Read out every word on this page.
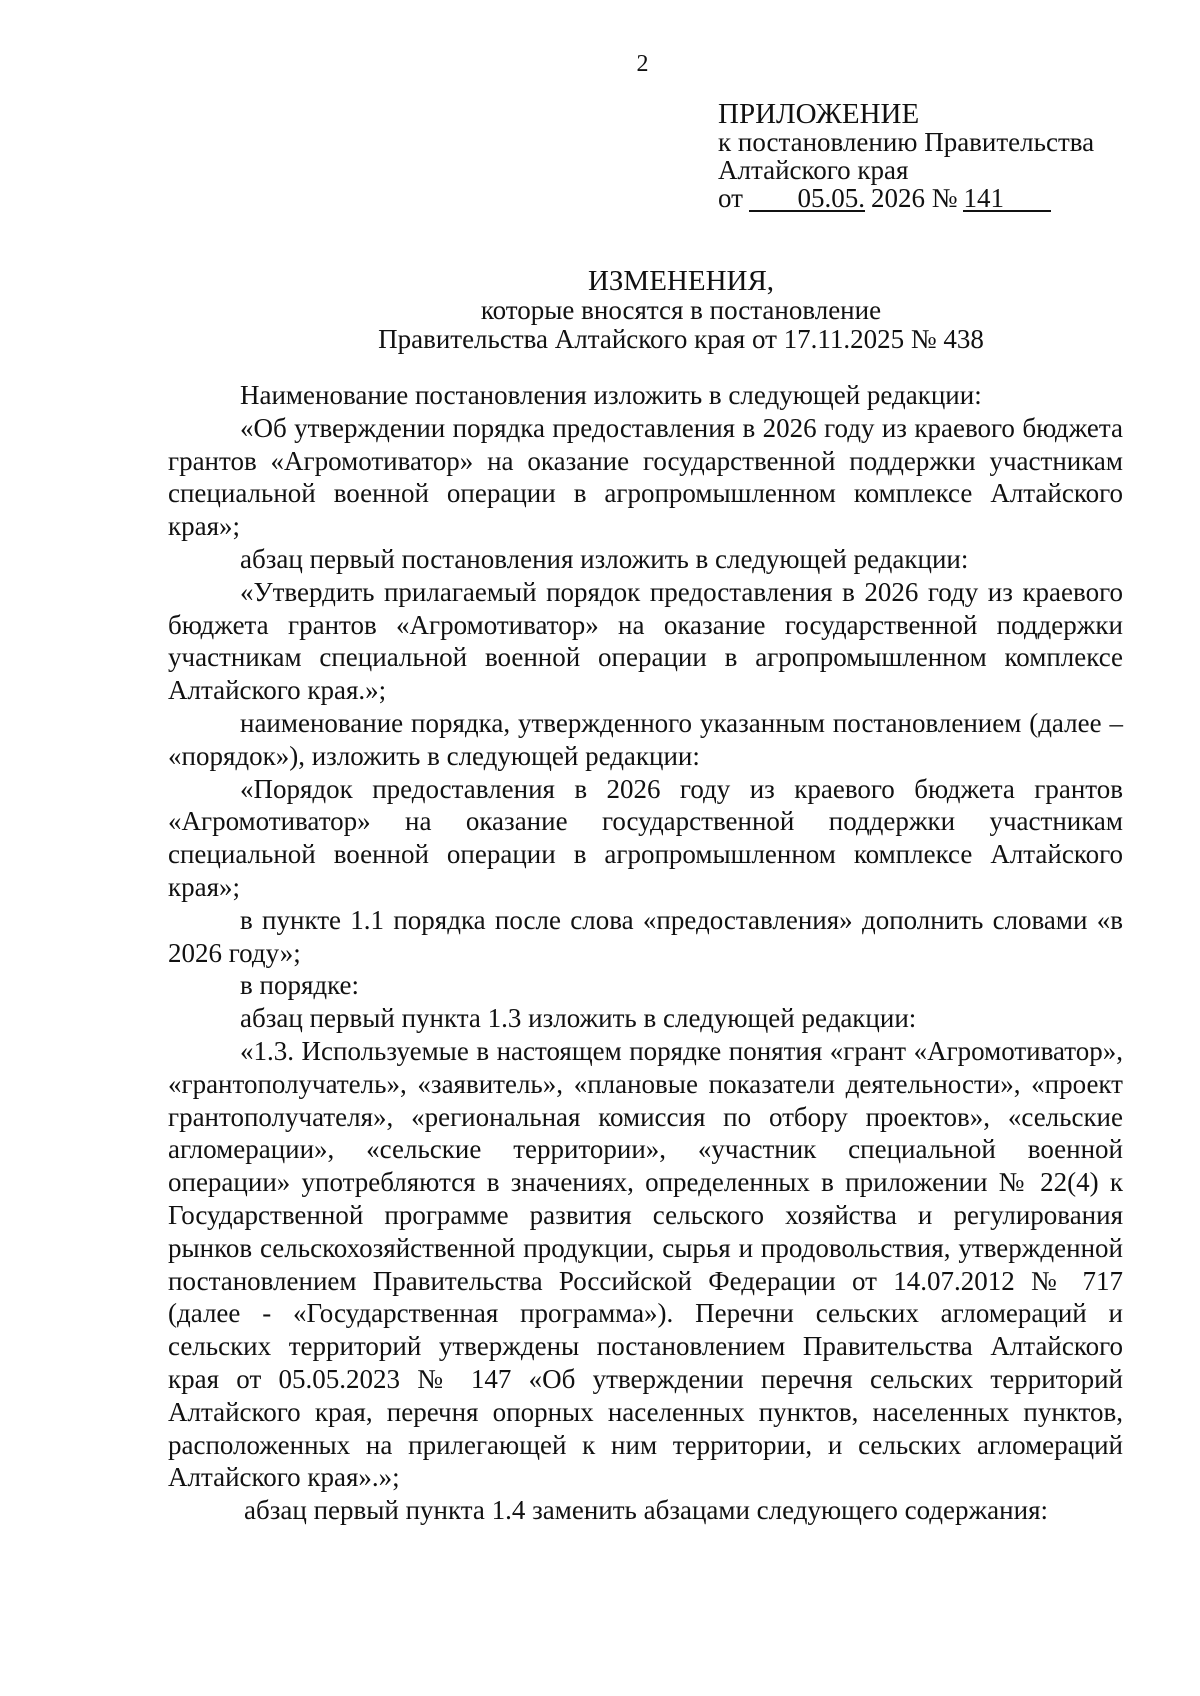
2
ПРИЛОЖЕНИЕ
к постановлению Правительства
Алтайского края
от 05.05. 2026 № 141
ИЗМЕНЕНИЯ,
которые вносятся в постановление
Правительства Алтайского края от 17.11.2025 № 438

Наименование постановления изложить в следующей редакции:

«Об утверждении порядка предоставления в 2026 году из краевого бюджета грантов «Агромотиватор» на оказание государственной поддержки участникам специальной военной операции в агропромышленном комплексе Алтайского края»;

абзац первый постановления изложить в следующей редакции:

«Утвердить прилагаемый порядок предоставления в 2026 году из краевого бюджета грантов «Агромотиватор» на оказание государственной поддержки участникам специальной военной операции в агропромышленном комплексе Алтайского края.»;

наименование порядка, утвержденного указанным постановлением (далее – «порядок»), изложить в следующей редакции:

«Порядок предоставления в 2026 году из краевого бюджета грантов «Агромотиватор» на оказание государственной поддержки участникам специальной военной операции в агропромышленном комплексе Алтайского края»;

в пункте 1.1 порядка после слова «предоставления» дополнить словами «в 2026 году»;

в порядке:

абзац первый пункта 1.3 изложить в следующей редакции:

«1.3. Используемые в настоящем порядке понятия «грант «Агромотиватор», «грантополучатель», «заявитель», «плановые показатели деятельности», «проект грантополучателя», «региональная комиссия по отбору проектов», «сельские агломерации», «сельские территории», «участник специальной военной операции» употребляются в значениях, определенных в приложении № 22(4) к Государственной программе развития сельского хозяйства и регулирования рынков сельскохозяйственной продукции, сырья и продовольствия, утвержденной постановлением Правительства Российской Федерации от 14.07.2012 № 717 (далее - «Государственная программа»). Перечни сельских агломераций и сельских территорий утверждены постановлением Правительства Алтайского края от 05.05.2023 № 147 «Об утверждении перечня сельских территорий Алтайского края, перечня опорных населенных пунктов, населенных пунктов, расположенных на прилегающей к ним территории, и сельских агломераций Алтайского края».»;

абзац первый пункта 1.4 заменить абзацами следующего содержания:
